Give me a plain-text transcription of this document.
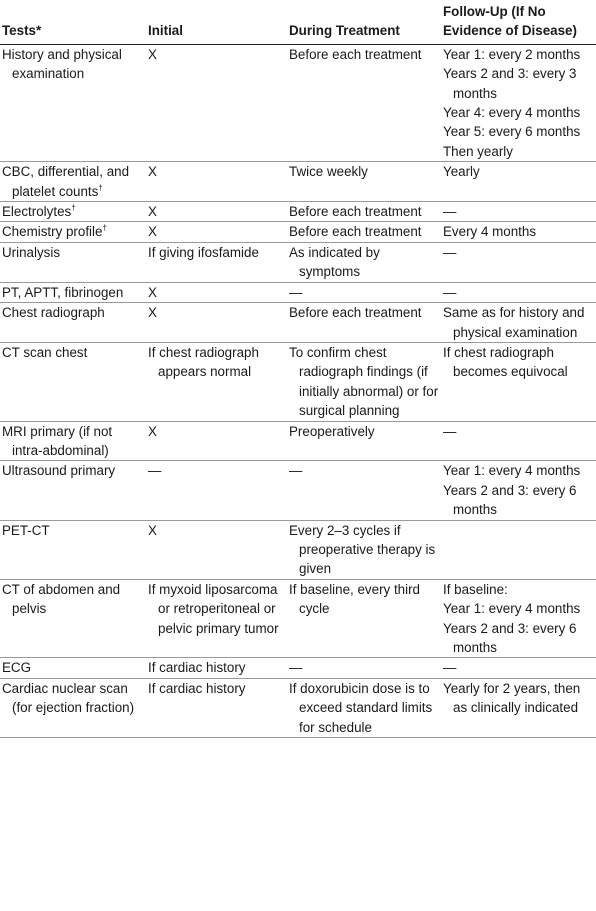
Tests*	Initial	During Treatment	Follow-Up (If No Evidence of Disease)

History and physical examination	X	Before each treatment	Year 1: every 2 months
Years 2 and 3: every 3 months
Year 4: every 4 months
Year 5: every 6 months
Then yearly

CBC, differential, and platelet counts†	X	Twice weekly	Yearly

Electrolytes†	X	Before each treatment	—

Chemistry profile†	X	Before each treatment	Every 4 months

Urinalysis	If giving ifosfamide	As indicated by symptoms	—

PT, APTT, fibrinogen	X	—	—

Chest radiograph	X	Before each treatment	Same as for history and physical examination

CT scan chest	If chest radiograph appears normal	To confirm chest radiograph findings (if initially abnormal) or for surgical planning	If chest radiograph becomes equivocal

MRI primary (if not intra-abdominal)	X	Preoperatively	—

Ultrasound primary	—	—	Year 1: every 4 months
Years 2 and 3: every 6 months

PET-CT	X	Every 2–3 cycles if preoperative therapy is given	

CT of abdomen and pelvis	If myxoid liposarcoma or retroperitoneal or pelvic primary tumor	If baseline, every third cycle	If baseline:
Year 1: every 4 months
Years 2 and 3: every 6 months

ECG	If cardiac history	—	—

Cardiac nuclear scan (for ejection fraction)	If cardiac history	If doxorubicin dose is to exceed standard limits for schedule	Yearly for 2 years, then as clinically indicated
